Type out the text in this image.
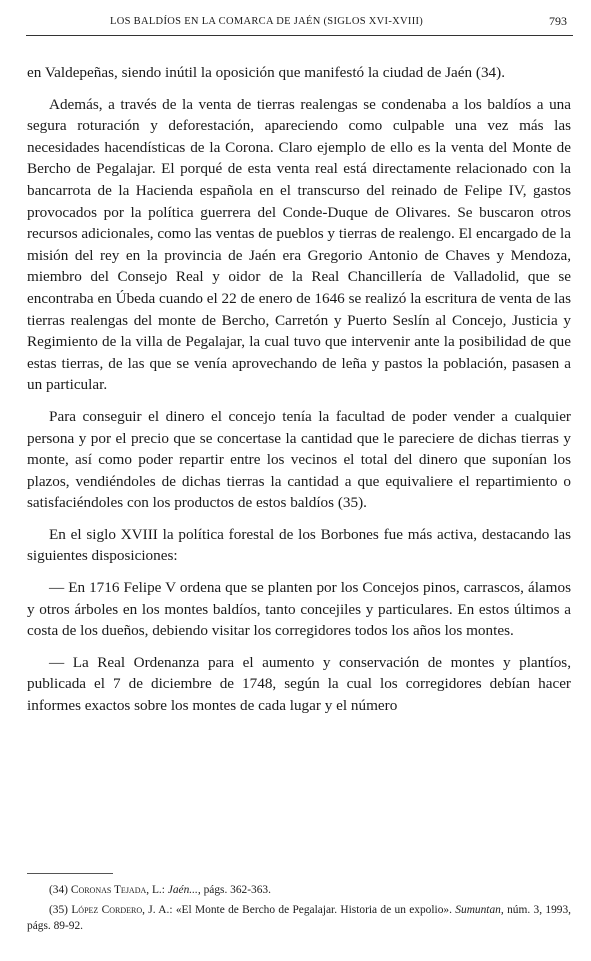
LOS BALDÍOS EN LA COMARCA DE JAÉN (SIGLOS XVI-XVIII)	793

en Valdepeñas, siendo inútil la oposición que manifestó la ciudad de Jaén (34).

Además, a través de la venta de tierras realengas se condenaba a los baldíos a una segura roturación y deforestación, apareciendo como culpable una vez más las necesidades hacendísticas de la Corona. Claro ejemplo de ello es la venta del Monte de Bercho de Pegalajar. El porqué de esta venta real está directamente relacionado con la bancarrota de la Hacienda española en el transcurso del reinado de Felipe IV, gastos provocados por la política guerrera del Conde-Duque de Olivares. Se buscaron otros recursos adicionales, como las ventas de pueblos y tierras de realengo. El encargado de la misión del rey en la provincia de Jaén era Gregorio Antonio de Chaves y Mendoza, miembro del Consejo Real y oidor de la Real Chancillería de Valladolid, que se encontraba en Úbeda cuando el 22 de enero de 1646 se realizó la escritura de venta de las tierras realengas del monte de Bercho, Carretón y Puerto Seslín al Concejo, Justicia y Regimiento de la villa de Pegalajar, la cual tuvo que intervenir ante la posibilidad de que estas tierras, de las que se venía aprovechando de leña y pastos la población, pasasen a un particular.

Para conseguir el dinero el concejo tenía la facultad de poder vender a cualquier persona y por el precio que se concertase la cantidad que le pareciere de dichas tierras y monte, así como poder repartir entre los vecinos el total del dinero que suponían los plazos, vendiéndoles de dichas tierras la cantidad a que equivaliere el repartimiento o satisfaciéndoles con los productos de estos baldíos (35).

En el siglo XVIII la política forestal de los Borbones fue más activa, destacando las siguientes disposiciones:

— En 1716 Felipe V ordena que se planten por los Concejos pinos, carrascos, álamos y otros árboles en los montes baldíos, tanto concejiles y particulares. En estos últimos a costa de los dueños, debiendo visitar los corregidores todos los años los montes.

— La Real Ordenanza para el aumento y conservación de montes y plantíos, publicada el 7 de diciembre de 1748, según la cual los corregidores debían hacer informes exactos sobre los montes de cada lugar y el número

(34) Coronas Tejada, L.: Jaén..., págs. 362-363.

(35) López Cordero, J. A.: «El Monte de Bercho de Pegalajar. Historia de un expolio». Sumuntan, núm. 3, 1993, págs. 89-92.
